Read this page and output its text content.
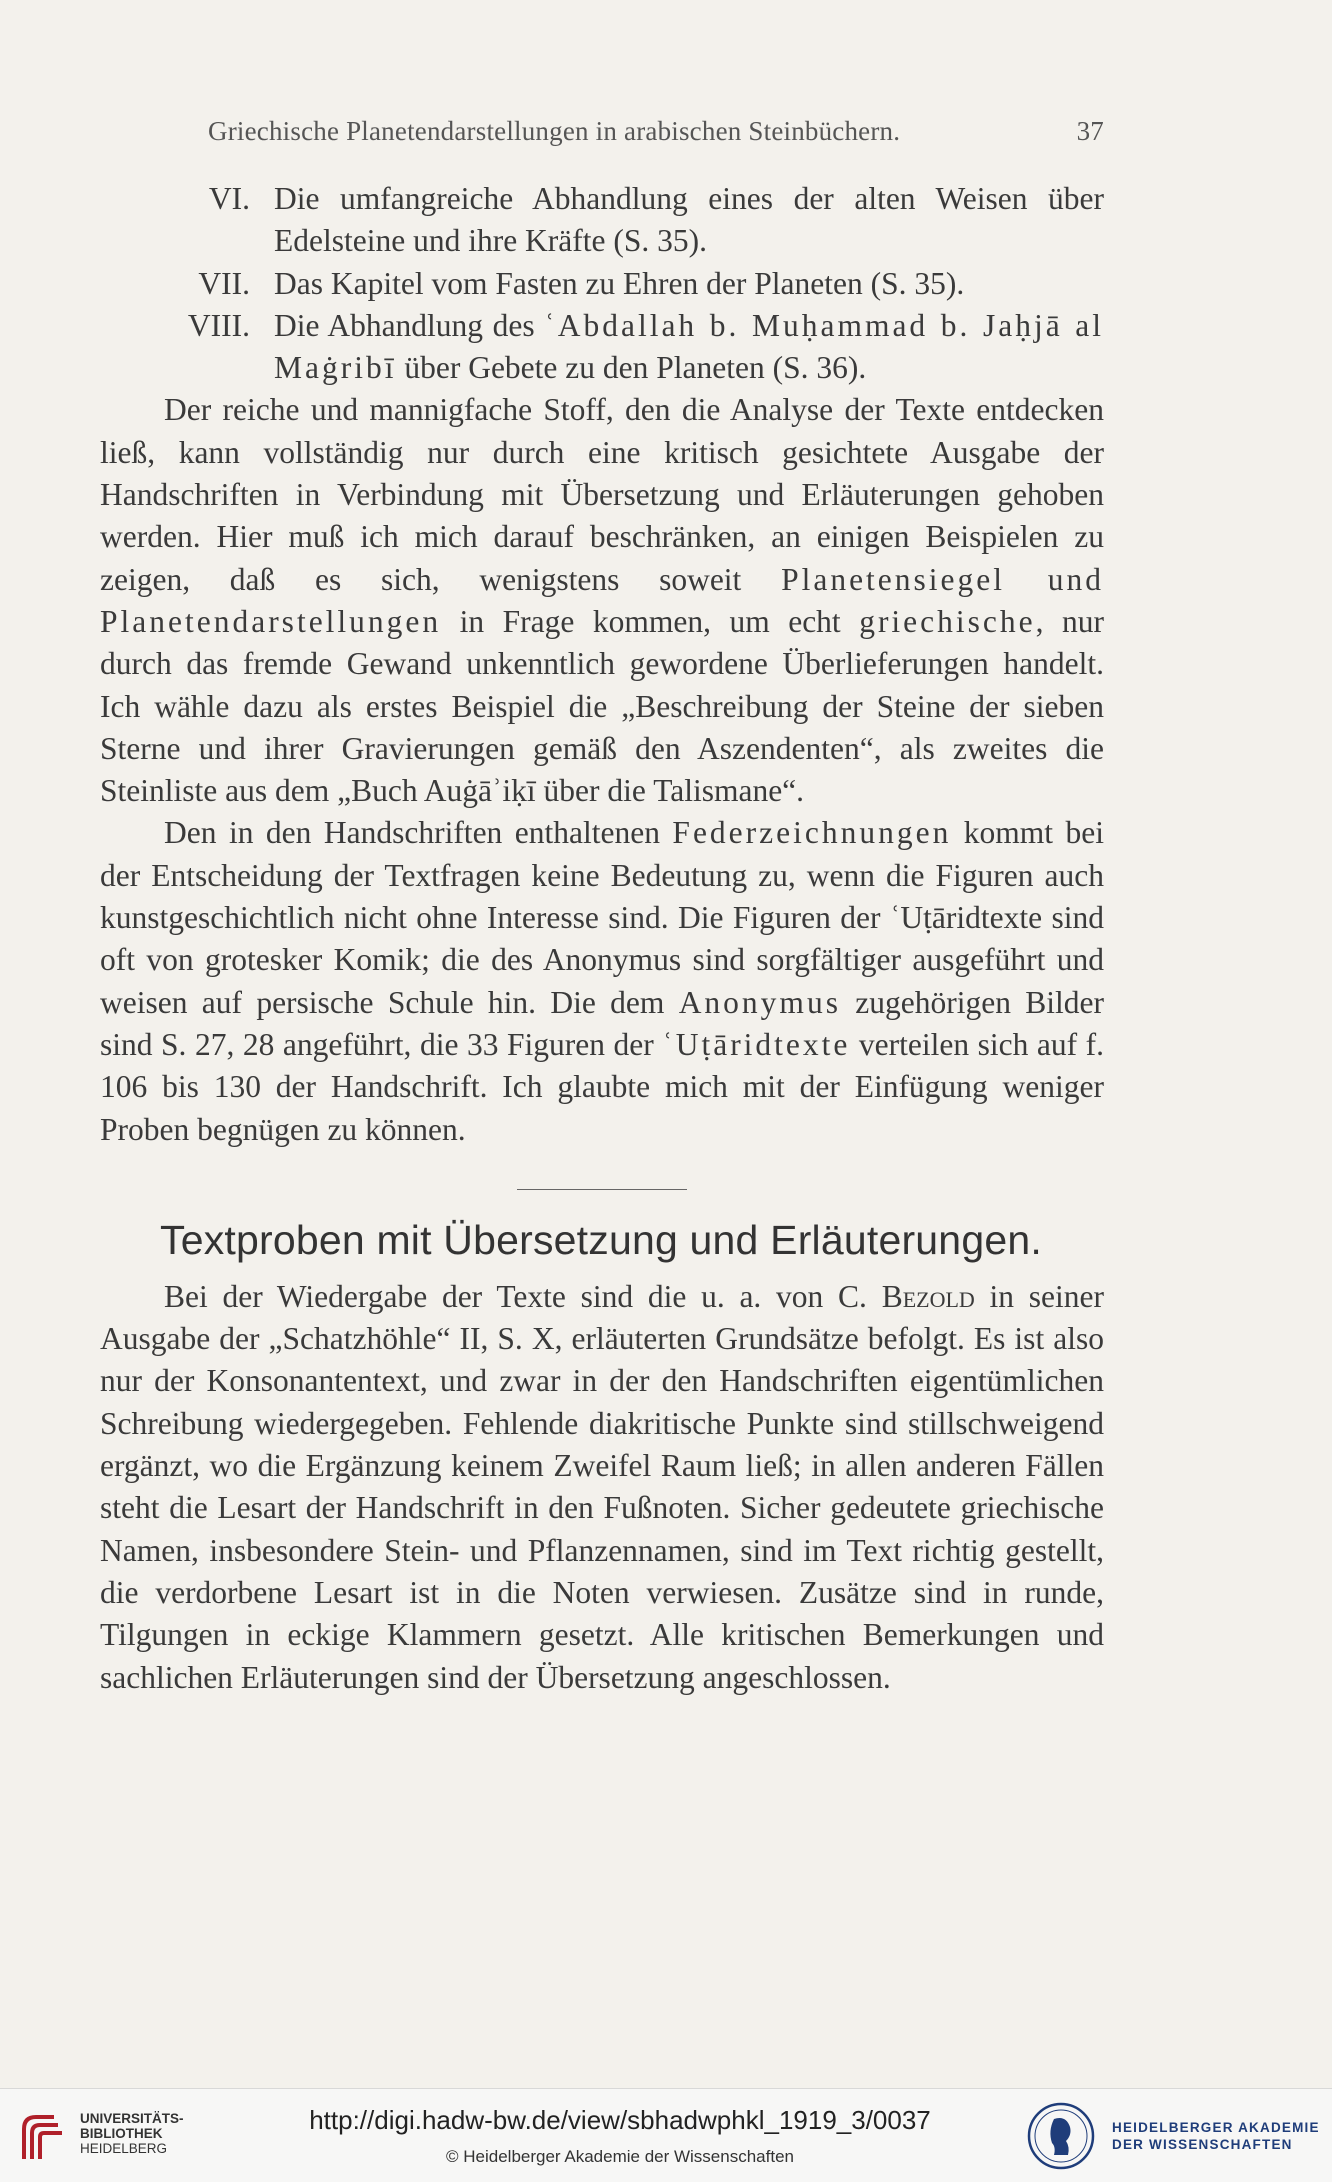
Griechische Planetendarstellungen in arabischen Steinbüchern.	37

VI. Die umfangreiche Abhandlung eines der alten Weisen über Edelsteine und ihre Kräfte (S. 35).

VII. Das Kapitel vom Fasten zu Ehren der Planeten (S. 35).

VIII. Die Abhandlung des ʿAbdallah b. Muḥammad b. Jaḥjā al Maġribī über Gebete zu den Planeten (S. 36).

Der reiche und mannigfache Stoff, den die Analyse der Texte entdecken ließ, kann vollständig nur durch eine kritisch gesichtete Ausgabe der Handschriften in Verbindung mit Übersetzung und Erläuterungen gehoben werden. Hier muß ich mich darauf beschränken, an einigen Beispielen zu zeigen, daß es sich, wenigstens soweit Planetensiegel und Planetendarstellungen in Frage kommen, um echt griechische, nur durch das fremde Gewand unkenntlich gewordene Überlieferungen handelt. Ich wähle dazu als erstes Beispiel die „Beschreibung der Steine der sieben Sterne und ihrer Gravierungen gemäß den Aszendenten“, als zweites die Steinliste aus dem „Buch Auġāʾiḳī über die Talismane“.

Den in den Handschriften enthaltenen Federzeichnungen kommt bei der Entscheidung der Textfragen keine Bedeutung zu, wenn die Figuren auch kunstgeschichtlich nicht ohne Interesse sind. Die Figuren der ʿUṭāridtexte sind oft von grotesker Komik; die des Anonymus sind sorgfältiger ausgeführt und weisen auf persische Schule hin. Die dem Anonymus zugehörigen Bilder sind S. 27, 28 angeführt, die 33 Figuren der ʿUṭāridtexte verteilen sich auf f. 106 bis 130 der Handschrift. Ich glaubte mich mit der Einfügung weniger Proben begnügen zu können.

Textproben mit Übersetzung und Erläuterungen.

Bei der Wiedergabe der Texte sind die u. a. von C. Bezold in seiner Ausgabe der „Schatzhöhle“ II, S. X, erläuterten Grundsätze befolgt. Es ist also nur der Konsonantentext, und zwar in der den Handschriften eigentümlichen Schreibung wiedergegeben. Fehlende diakritische Punkte sind stillschweigend ergänzt, wo die Ergänzung keinem Zweifel Raum ließ; in allen anderen Fällen steht die Lesart der Handschrift in den Fußnoten. Sicher gedeutete griechische Namen, insbesondere Stein- und Pflanzennamen, sind im Text richtig gestellt, die verdorbene Lesart ist in die Noten verwiesen. Zusätze sind in runde, Tilgungen in eckige Klammern gesetzt. Alle kritischen Bemerkungen und sachlichen Erläuterungen sind der Übersetzung angeschlossen.

UNIVERSITÄTS-
BIBLIOTHEK
HEIDELBERG
http://digi.hadw-bw.de/view/sbhadwphkl_1919_3/0037
© Heidelberger Akademie der Wissenschaften
HEIDELBERGER AKADEMIE
DER WISSENSCHAFTEN
